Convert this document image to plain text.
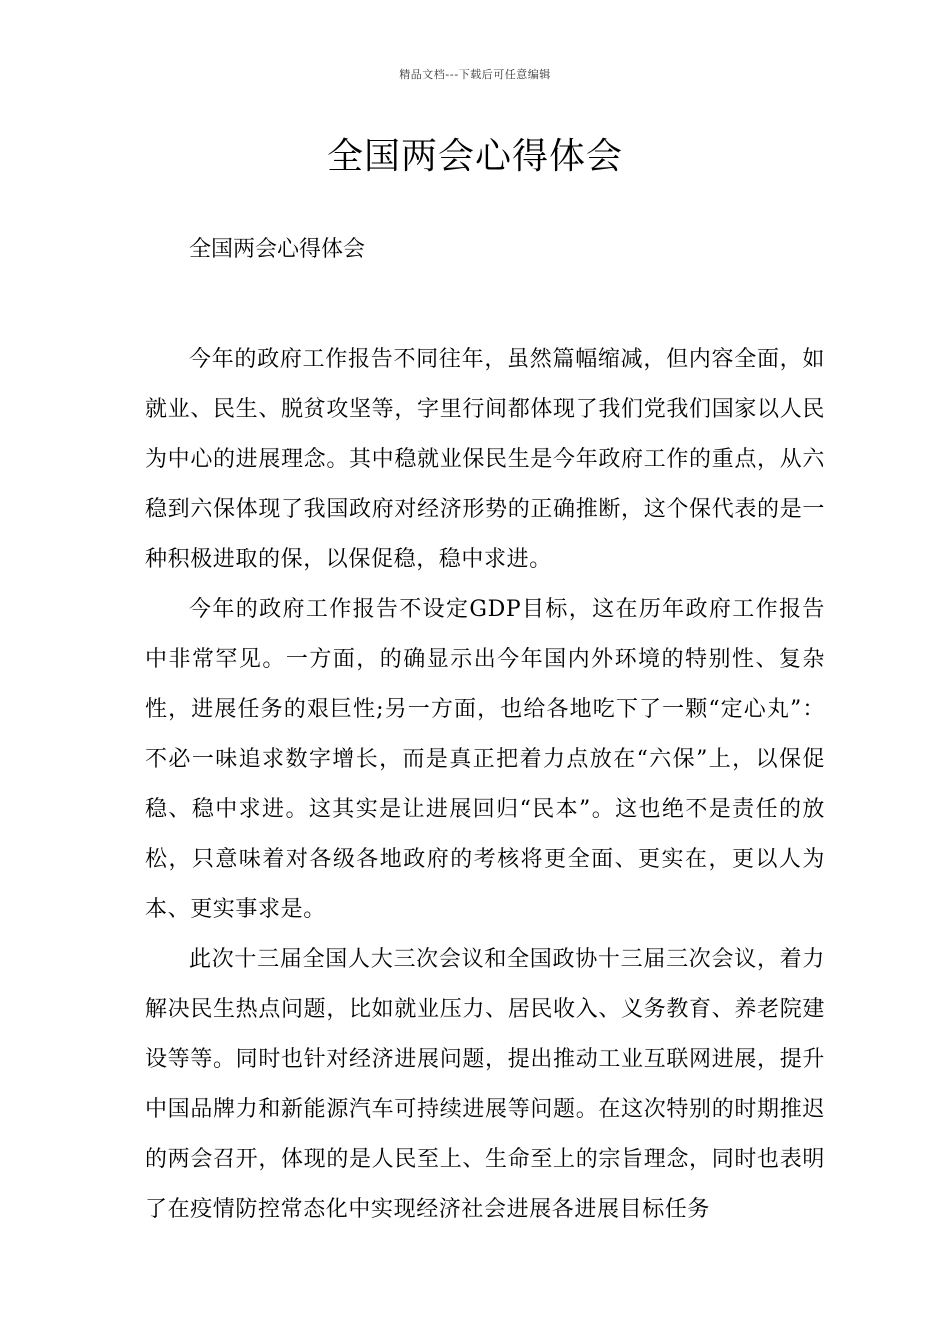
精品文档---下载后可任意编辑
全国两会心得体会

全国两会心得体会

今年的政府工作报告不同往年，虽然篇幅缩减，但内容全面，如就业、民生、脱贫攻坚等，字里行间都体现了我们党我们国家以人民为中心的进展理念。其中稳就业保民生是今年政府工作的重点，从六稳到六保体现了我国政府对经济形势的正确推断，这个保代表的是一种积极进取的保，以保促稳，稳中求进。

今年的政府工作报告不设定GDP目标，这在历年政府工作报告中非常罕见。一方面，的确显示出今年国内外环境的特别性、复杂性，进展任务的艰巨性;另一方面，也给各地吃下了一颗“定心丸”：不必一味追求数字增长，而是真正把着力点放在“六保”上，以保促稳、稳中求进。这其实是让进展回归“民本”。这也绝不是责任的放松，只意味着对各级各地政府的考核将更全面、更实在，更以人为本、更实事求是。

此次十三届全国人大三次会议和全国政协十三届三次会议，着力解决民生热点问题，比如就业压力、居民收入、义务教育、养老院建设等等。同时也针对经济进展问题，提出推动工业互联网进展，提升中国品牌力和新能源汽车可持续进展等问题。在这次特别的时期推迟的两会召开，体现的是人民至上、生命至上的宗旨理念，同时也表明了在疫情防控常态化中实现经济社会进展各进展目标任务
